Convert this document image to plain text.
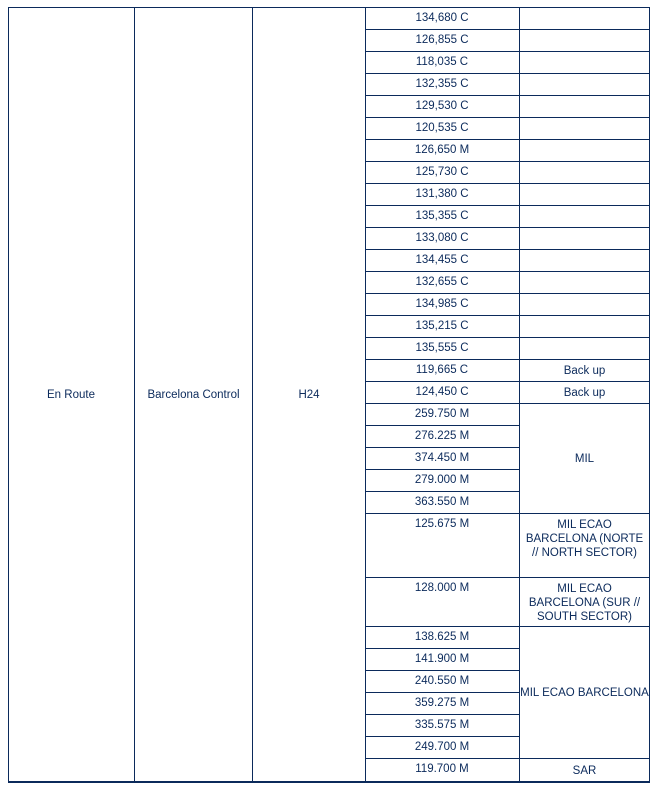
En Route	Barcelona Control	H24
134,680 C
126,855 C
118,035 C
132,355 C
129,530 C
120,535 C
126,650 M
125,730 C
131,380 C
135,355 C
133,080 C
134,455 C
132,655 C
134,985 C
135,215 C
135,555 C
119,665 C
124,450 C
259.750 M
276.225 M
374.450 M
279.000 M
363.550 M
125.675 M
128.000 M
138.625 M
141.900 M
240.550 M
359.275 M
335.575 M
249.700 M
119.700 M
Back up
Back up
MIL
MIL ECAO BARCELONA (NORTE // NORTH SECTOR)
MIL ECAO BARCELONA (SUR // SOUTH SECTOR)
MIL ECAO BARCELONA
SAR
